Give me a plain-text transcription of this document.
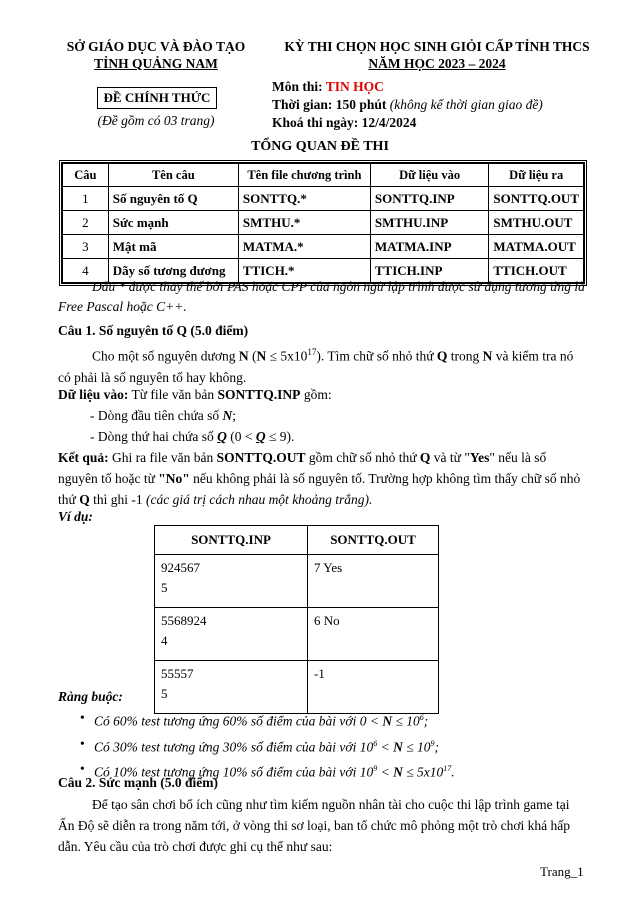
SỞ GIÁO DỤC VÀ ĐÀO TẠO
TỈNH QUẢNG NAM
ĐỀ CHÍNH THỨC
(Đề gồm có 03 trang)
KỲ THI CHỌN HỌC SINH GIỎI CẤP TỈNH THCS
NĂM HỌC 2023 – 2024
Môn thi: TIN HỌC
Thời gian: 150 phút (không kể thời gian giao đề)
Khoá thi ngày: 12/4/2024
TỔNG QUAN ĐỀ THI
Câu	Tên câu	Tên file chương trình	Dữ liệu vào	Dữ liệu ra
1	Số nguyên tố Q	SONTTQ.*	SONTTQ.INP	SONTTQ.OUT
2	Sức mạnh	SMTHU.*	SMTHU.INP	SMTHU.OUT
3	Mật mã	MATMA.*	MATMA.INP	MATMA.OUT
4	Dãy số tương đương	TTICH.*	TTICH.INP	TTICH.OUT
Dấu * được thay thế bởi PAS hoặc CPP của ngôn ngữ lập trình được sử dụng tương ứng là Free Pascal hoặc C++.
Câu 1. Số nguyên tố Q (5.0 điểm)
Cho một số nguyên dương N $(N \le 5x10^{17})$. Tìm chữ số nhỏ thứ Q trong N và kiểm tra nó có phải là số nguyên tố hay không.
Dữ liệu vào: Từ file văn bản SONTTQ.INP gồm:
- Dòng đầu tiên chứa số N;
- Dòng thứ hai chứa số Q (0 < Q ≤ 9).
Kết quả: Ghi ra file văn bản SONTTQ.OUT gồm chữ số nhỏ thứ Q và từ "Yes" nếu là số nguyên tố hoặc từ "No" nếu không phải là số nguyên tố. Trường hợp không tìm thấy chữ số nhỏ thứ Q thì ghi -1 (các giá trị cách nhau một khoảng trắng).
Ví dụ:
SONTTQ.INP	SONTTQ.OUT

924567
5	7 Yes

5568924
4	6 No

55557
5	-1
Ràng buộc:
• Có 60% test tương ứng 60% số điểm của bài với $0 < N \le 10^6$;
• Có 30% test tương ứng 30% số điểm của bài với $10^6 < N \le 10^9$;
• Có 10% test tương ứng 10% số điểm của bài với $10^9 < N \le 5x10^{17}$.
Câu 2. Sức mạnh (5.0 điểm)
Để tạo sân chơi bổ ích cũng như tìm kiếm nguồn nhân tài cho cuộc thi lập trình game tại Ấn Độ sẽ diễn ra trong năm tới, ở vòng thi sơ loại, ban tổ chức mô phỏng một trò chơi khá hấp dẫn. Yêu cầu của trò chơi được ghi cụ thể như sau:
Trang_1
